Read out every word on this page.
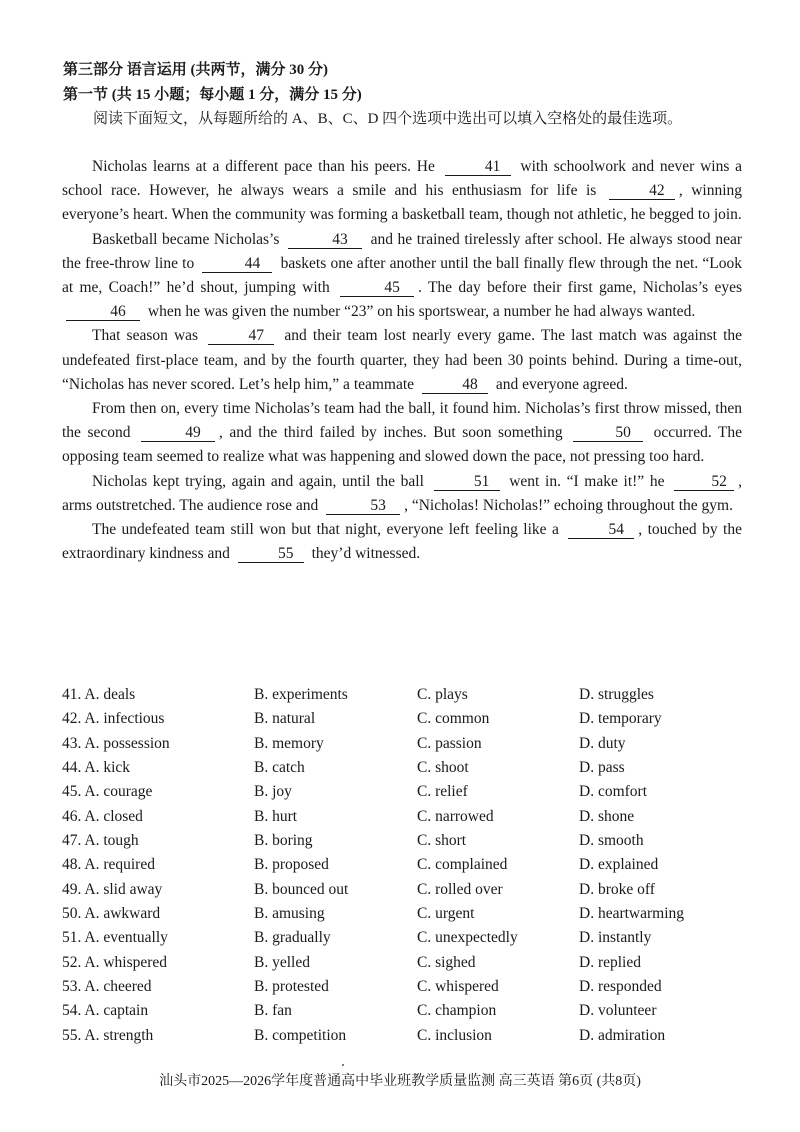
第三部分 语言运用 (共两节，满分 30 分)
第一节 (共 15 小题；每小题 1 分，满分 15 分)
阅读下面短文，从每题所给的 A、B、C、D 四个选项中选出可以填入空格处的最佳选项。

Nicholas learns at a different pace than his peers. He	41 with schoolwork and never wins a school race. However, he always wears a smile and his enthusiasm for life is	42 , winning everyone’s heart. When the community was forming a basketball team, though not athletic, he begged to join.

Basketball became Nicholas’s	43 and he trained tirelessly after school. He always stood near the free-throw line to	44 baskets one after another until the ball finally flew through the net. “Look at me, Coach!” he’d shout, jumping with	45 . The day before their first game, Nicholas’s eyes 46 when he was given the number “23” on his sportswear, a number he had always wanted.

That season was	47 and their team lost nearly every game. The last match was against the undefeated first-place team, and by the fourth quarter, they had been 30 points behind. During a time-out, “Nicholas has never scored. Let’s help him,” a teammate	48 and everyone agreed.

From then on, every time Nicholas’s team had the ball, it found him. Nicholas’s first throw missed, then the second	49 , and the third failed by inches. But soon something	50 occurred. The opposing team seemed to realize what was happening and slowed down the pace, not pressing too hard.

Nicholas kept trying, again and again, until the ball	51 went in. “I make it!” he	52 , arms outstretched. The audience rose and	53 , “Nicholas! Nicholas!” echoing throughout the gym.

The undefeated team still won but that night, everyone left feeling like a	54 , touched by the extraordinary kindness and	55 they’d witnessed.

41. A. deals	B. experiments	C. plays	D. struggles
42. A. infectious	B. natural	C. common	D. temporary
43. A. possession	B. memory	C. passion	D. duty
44. A. kick	B. catch	C. shoot	D. pass
45. A. courage	B. joy	C. relief	D. comfort
46. A. closed	B. hurt	C. narrowed	D. shone
47. A. tough	B. boring	C. short	D. smooth
48. A. required	B. proposed	C. complained	D. explained
49. A. slid away	B. bounced out	C. rolled over	D. broke off
50. A. awkward	B. amusing	C. urgent	D. heartwarming
51. A. eventually	B. gradually	C. unexpectedly	D. instantly
52. A. whispered	B. yelled	C. sighed	D. replied
53. A. cheered	B. protested	C. whispered	D. responded
54. A. captain	B. fan	C. champion	D. volunteer
55. A. strength	B. competition	C. inclusion	D. admiration
汕头市2025—2026学年度普通高中毕业班教学质量监测 高三英语 第6页 (共8页)
